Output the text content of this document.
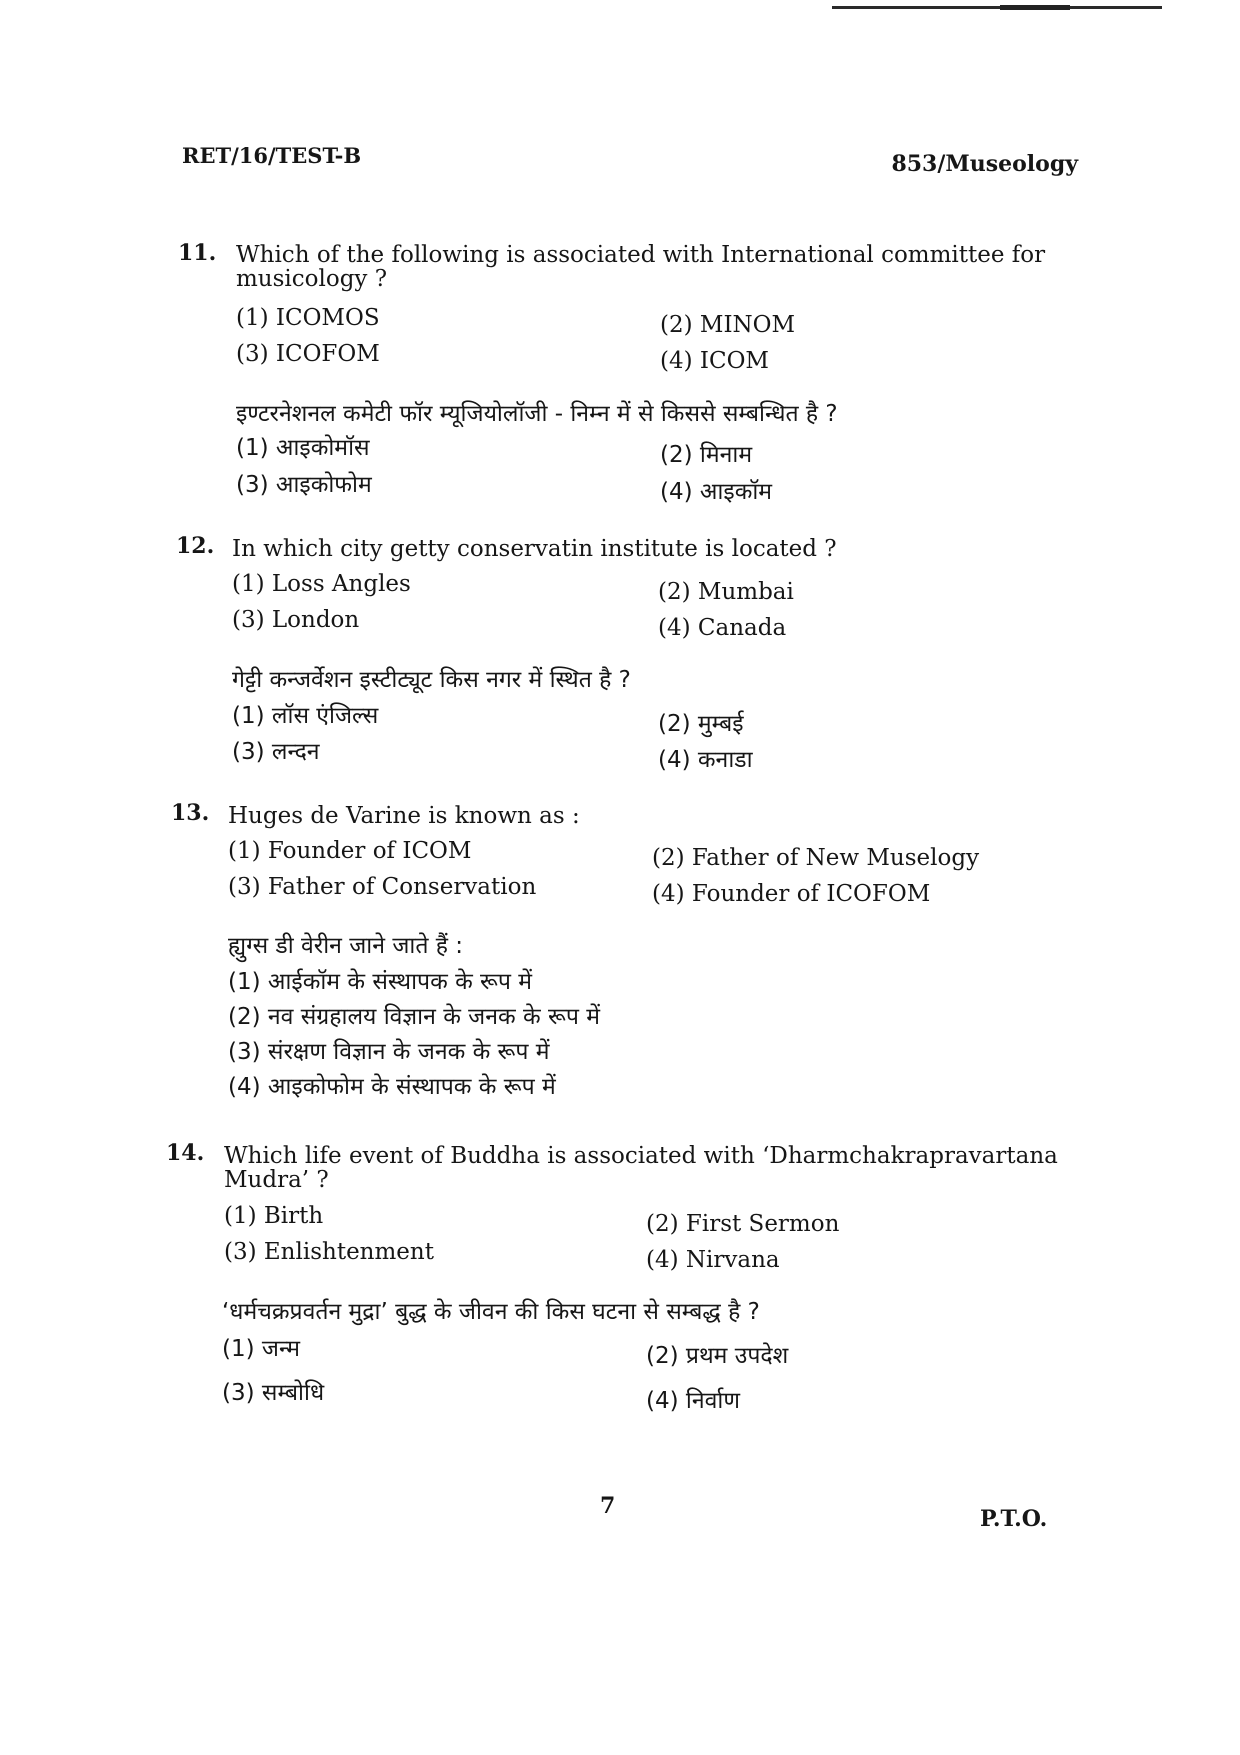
RET/16/TEST-B	853/Museology
11. Which of the following is associated with International committee for musicology ?
(1) ICOMOS	(2) MINOM
(3) ICOFOM	(4) ICOM
इण्टरनेशनल कमेटी फॉर म्यूजियोलॉजी - निम्न में से किससे सम्बन्धित है ?
(1) आइकोमॉस	(2) मिनाम
(3) आइकोफोम	(4) आइकॉम
12. In which city getty conservatin institute is located ?
(1) Loss Angles	(2) Mumbai
(3) London	(4) Canada
गेट्टी कन्जर्वेशन इस्टीट्यूट किस नगर में स्थित है ?
(1) लॉस एंजिल्स	(2) मुम्बई
(3) लन्दन	(4) कनाडा
13. Huges de Varine is known as :
(1) Founder of ICOM	(2) Father of New Muselogy
(3) Father of Conservation	(4) Founder of ICOFOM
ह्युग्स डी वेरीन जाने जाते हैं :
(1) आईकॉम के संस्थापक के रूप में
(2) नव संग्रहालय विज्ञान के जनक के रूप में
(3) संरक्षण विज्ञान के जनक के रूप में
(4) आइकोफोम के संस्थापक के रूप में
14. Which life event of Buddha is associated with ‘Dharmchakrapravartana Mudra’ ?
(1) Birth	(2) First Sermon
(3) Enlishtenment	(4) Nirvana
‘धर्मचक्रप्रवर्तन मुद्रा’ बुद्ध के जीवन की किस घटना से सम्बद्ध है ?
(1) जन्म	(2) प्रथम उपदेश
(3) सम्बोधि	(4) निर्वाण
7	P.T.O.
